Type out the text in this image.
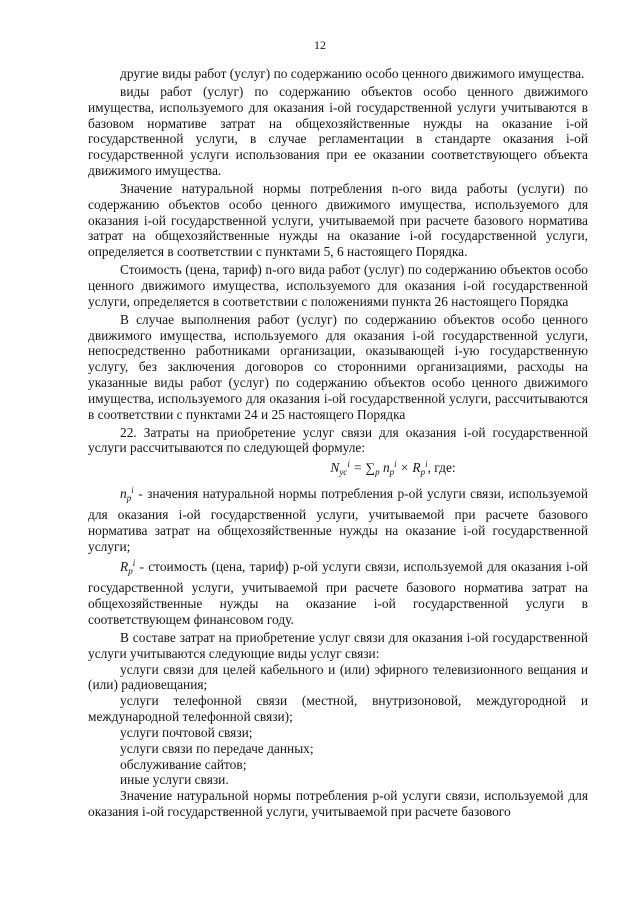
12

другие виды работ (услуг) по содержанию особо ценного движимого имущества.

виды работ (услуг) по содержанию объектов особо ценного движимого имущества, используемого для оказания i-ой государственной услуги учитываются в базовом нормативе затрат на общехозяйственные нужды на оказание i-ой государственной услуги, в случае регламентации в стандарте оказания i-ой государственной услуги использования при ее оказании соответствующего объекта движимого имущества.

Значение натуральной нормы потребления n-ого вида работы (услуги) по содержанию объектов особо ценного движимого имущества, используемого для оказания i-ой государственной услуги, учитываемой при расчете базового норматива затрат на общехозяйственные нужды на оказание i-ой государственной услуги, определяется в соответствии с пунктами 5, 6 настоящего Порядка.

Стоимость (цена, тариф) n-ого вида работ (услуг) по содержанию объектов особо ценного движимого имущества, используемого для оказания i-ой государственной услуги, определяется в соответствии с положениями пункта 26 настоящего Порядка

В случае выполнения работ (услуг) по содержанию объектов особо ценного движимого имущества, используемого для оказания i-ой государственной услуги, непосредственно работниками организации, оказывающей i-ую государственную услугу, без заключения договоров со сторонними организациями, расходы на указанные виды работ (услуг) по содержанию объектов особо ценного движимого имущества, используемого для оказания i-ой государственной услуги, рассчитываются в соответствии с пунктами 24 и 25 настоящего Порядка

22. Затраты на приобретение услуг связи для оказания i-ой государственной услуги рассчитываются по следующей формуле:

$N_{yc}^i = \sum_p$ $n_p^i \times R_p^i$, где:

$n_p^i$ - значения натуральной нормы потребления p-ой услуги связи, используемой для оказания i-ой государственной услуги, учитываемой при расчете базового норматива затрат на общехозяйственные нужды на оказание i-ой государственной услуги;

$R_p^i$ - стоимость (цена, тариф) p-ой услуги связи, используемой для оказания i-ой государственной услуги, учитываемой при расчете базового норматива затрат на общехозяйственные нужды на оказание i-ой государственной услуги в соответствующем финансовом году.

В составе затрат на приобретение услуг связи для оказания i-ой государственной услуги учитываются следующие виды услуг связи:

услуги связи для целей кабельного и (или) эфирного телевизионного вещания и (или) радиовещания;

услуги телефонной связи (местной, внутризоновой, междугородной и международной телефонной связи);

услуги почтовой связи;

услуги связи по передаче данных;

обслуживание сайтов;

иные услуги связи.

Значение натуральной нормы потребления p-ой услуги связи, используемой для оказания i-ой государственной услуги, учитываемой при расчете базового
